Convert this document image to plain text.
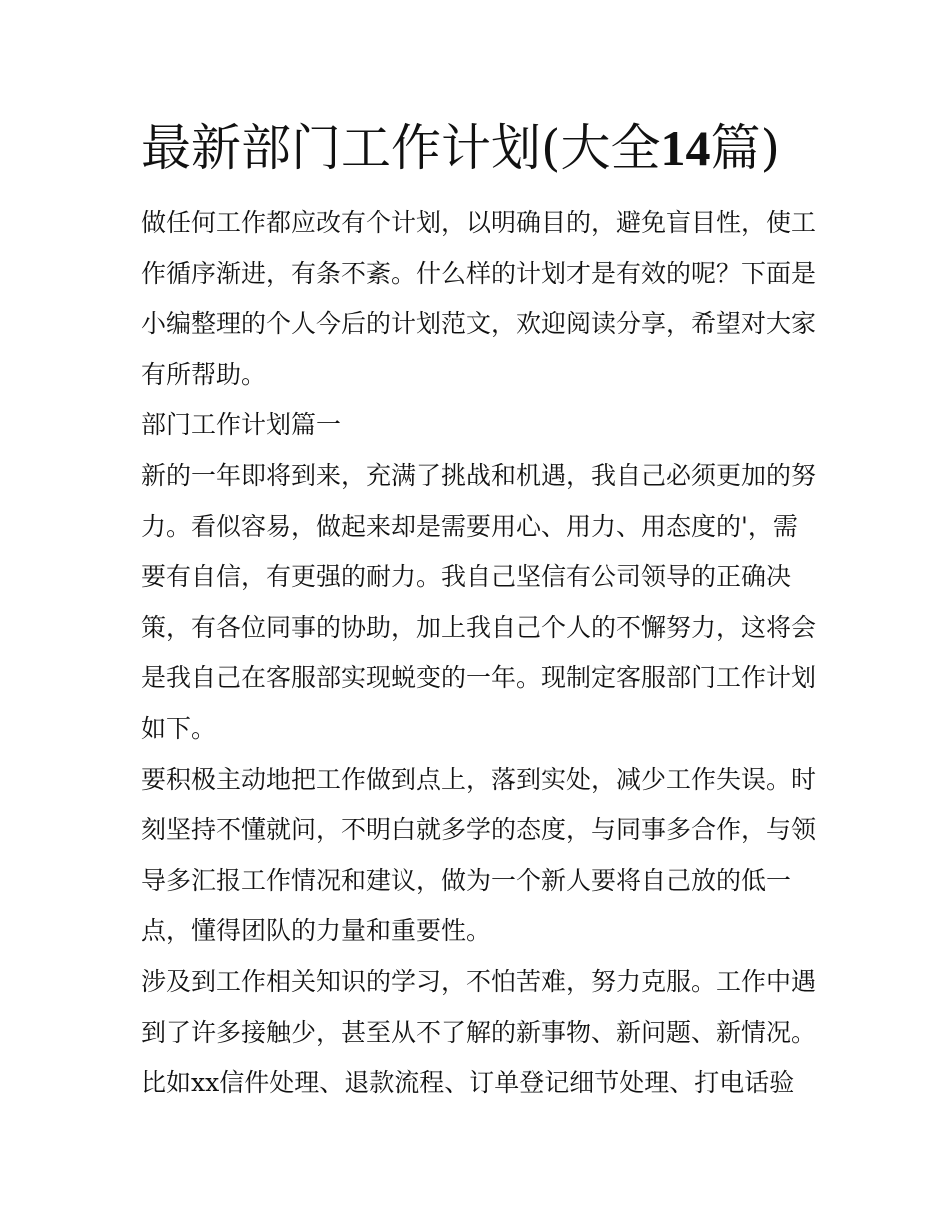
最新部门工作计划(大全14篇)
做任何工作都应改有个计划，以明确目的，避免盲目性，使工
作循序渐进，有条不紊。什么样的计划才是有效的呢？下面是
小编整理的个人今后的计划范文，欢迎阅读分享，希望对大家
有所帮助。
部门工作计划篇一
新的一年即将到来，充满了挑战和机遇，我自己必须更加的努
力。看似容易，做起来却是需要用心、用力、用态度的'，需
要有自信，有更强的耐力。我自己坚信有公司领导的正确决
策，有各位同事的协助，加上我自己个人的不懈努力，这将会
是我自己在客服部实现蜕变的一年。现制定客服部门工作计划
如下。
要积极主动地把工作做到点上，落到实处，减少工作失误。时
刻坚持不懂就问，不明白就多学的态度，与同事多合作，与领
导多汇报工作情况和建议，做为一个新人要将自己放的低一
点，懂得团队的力量和重要性。
涉及到工作相关知识的学习，不怕苦难，努力克服。工作中遇
到了许多接触少，甚至从不了解的新事物、新问题、新情况。
比如xx信件处理、退款流程、订单登记细节处理、打电话验
